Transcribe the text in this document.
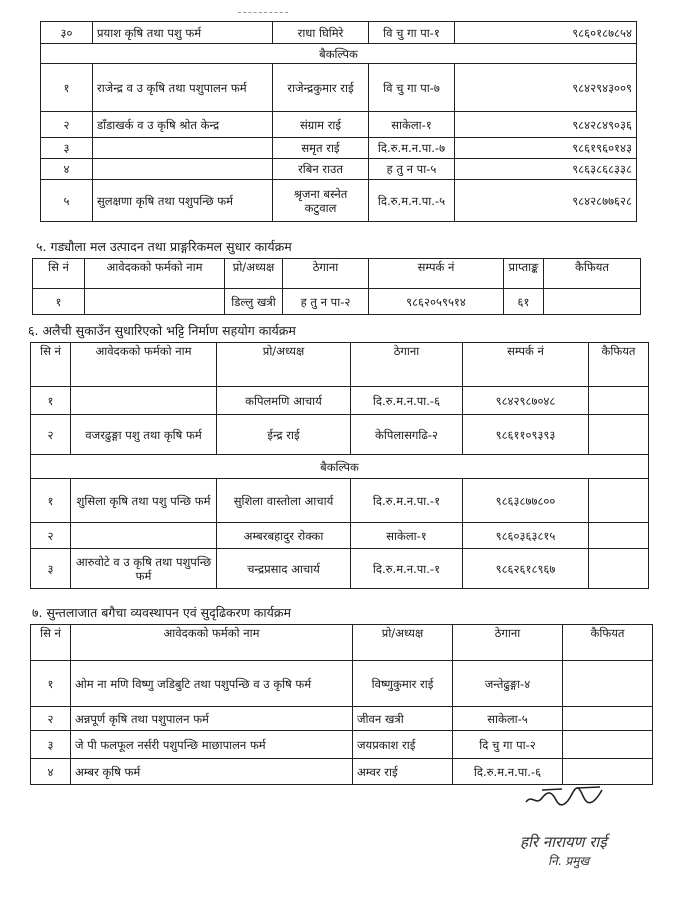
३०	प्रयाश कृषि तथा पशु फर्म	राधा घिमिरे	वि चु गा पा-१	९८६०१८७८५४
बैकल्पिक				
१	राजेन्द्र व उ कृषि तथा पशुपालन फर्म	राजेन्द्रकुमार राई	वि चु गा पा-७	९८४२९४३००९
२	डाँडाखर्क व उ कृषि श्रोत केन्द्र	संग्राम राई	साकेला-१	९८४२८४९०३६
३		समृत राई	दि.रु.म.न.पा.-७	९८६१९६०१४३
४		रबिन राउत	ह तु न पा-५	९८६३८६८३३८
५	सुलक्षणा कृषि तथा पशुपन्छि फर्म	श्रृजना बस्नेत कटुवाल	दि.रु.म.न.पा.-५	९८४२८७७६२८
५. गड्यौला मल उत्पादन तथा प्राङ्गरिकमल सुधार कार्यक्रम
सि नं	आवेदकको फर्मको नाम	प्रो/अध्यक्ष	ठेगाना	सम्पर्क नं	प्राप्ताङ्क	कैफियत
१		डिल्लु खत्री	ह तु न पा-२	९८६२०५९५१४	६१	
६. अलैची सुकाउँन सुधारिएको भट्टि निर्माण सहयोग कार्यक्रम
सि नं	आवेदकको फर्मको नाम	प्रो/अध्यक्ष	ठेगाना	सम्पर्क नं	कैफियत
१		कपिलमणि आचार्य	दि.रु.म.न.पा.-६	९८४२९८७०४८	
२	वजरढुङ्गा पशु तथा कृषि फर्म	ईन्द्र राई	केपिलासगढि-२	९८६११०९३९३	
बैकल्पिक					
१	शुसिला कृषि तथा पशु पन्छि फर्म	सुशिला वास्तोला आचार्य	दि.रु.म.न.पा.-१	९८६३८७७८००	
२		अम्बरबहादुर रोक्का	साकेला-१	९८६०३६३८१५	
३	आरुवोटे व उ कृषि तथा पशुपन्छि फर्म	चन्द्रप्रसाद आचार्य	दि.रु.म.न.पा.-१	९८६२६१८९६७	
७. सुन्तलाजात बगैचा व्यवस्थापन एवं सुदृढिकरण कार्यक्रम
सि नं	आवेदकको फर्मको नाम	प्रो/अध्यक्ष	ठेगाना	कैफियत
१	ओम ना मणि विष्णु जडिबुटि तथा पशुपन्छि व उ कृषि फर्म	विष्णुकुमार राई	जन्तेढुङ्गा-४	
२	अन्नपूर्ण कृषि तथा पशुपालन फर्म	जीवन खत्री	साकेला-५	
३	जे पी फलफूल नर्सरी पशुपन्छि माछापालन फर्म	जयप्रकाश राई	दि चु गा पा-२	
४	अम्बर कृषि फर्म	अम्वर राई	दि.रु.म.न.पा.-६	
हरि नारायण राई
नि. प्रमुख
